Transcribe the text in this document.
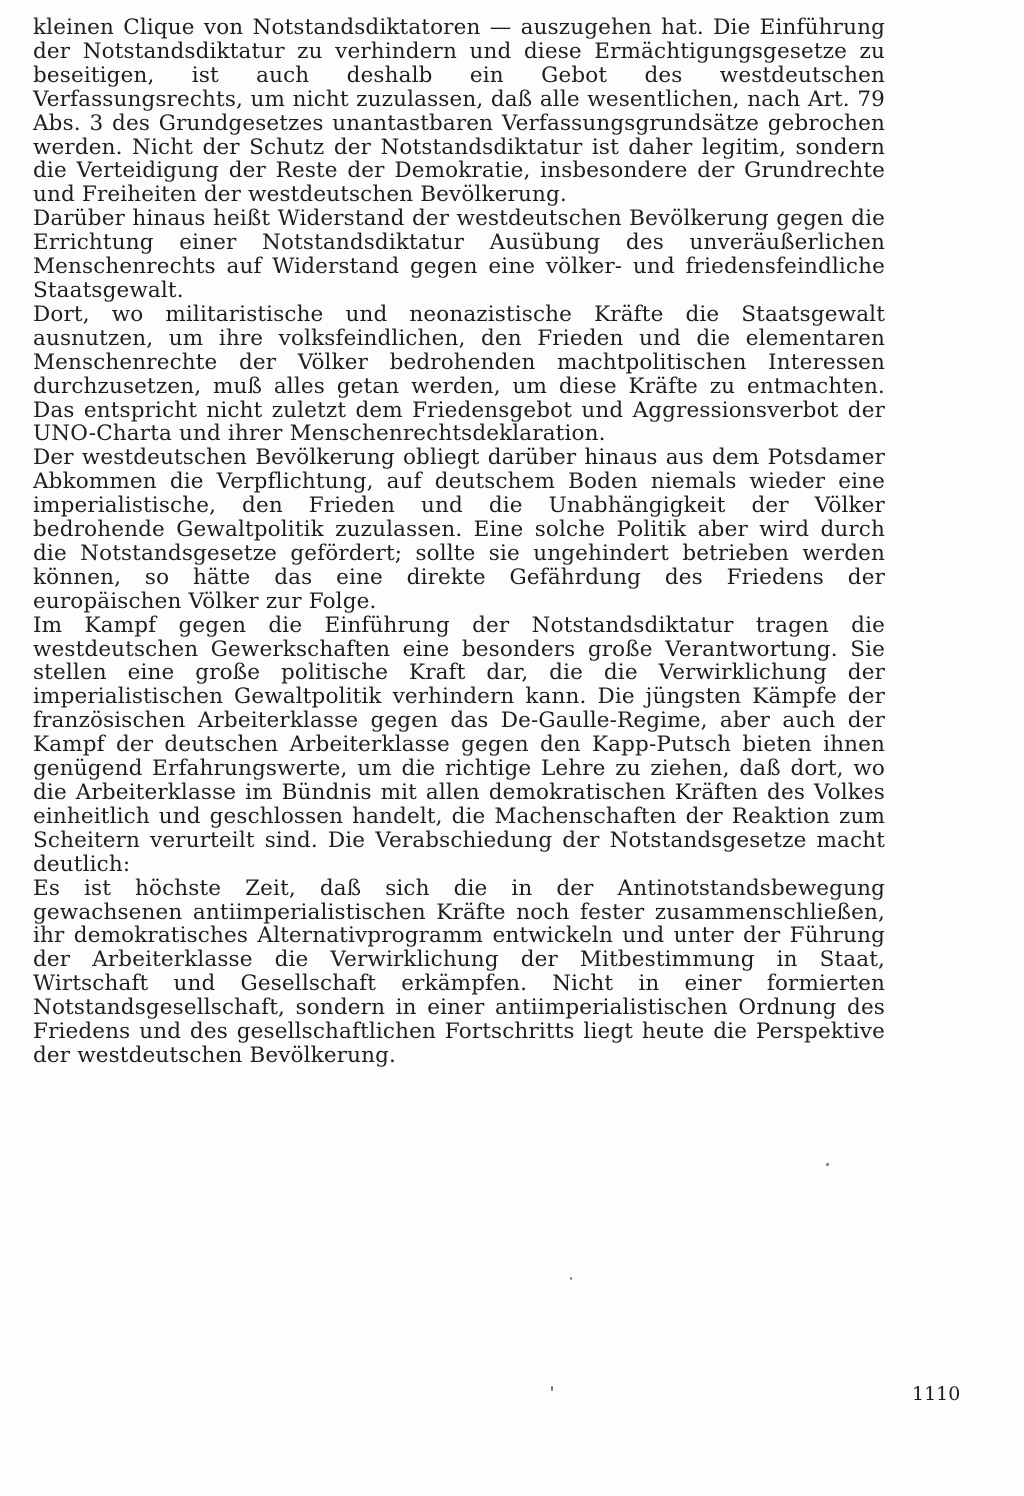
kleinen Clique von Notstandsdiktatoren — auszugehen hat. Die Einführung der Notstandsdiktatur zu verhindern und diese Ermächtigungsgesetze zu beseitigen, ist auch deshalb ein Gebot des westdeutschen Verfassungsrechts, um nicht zuzulassen, daß alle wesentlichen, nach Art. 79 Abs. 3 des Grundgesetzes unantastbaren Verfassungsgrundsätze gebrochen werden. Nicht der Schutz der Notstandsdiktatur ist daher legitim, sondern die Verteidigung der Reste der Demokratie, insbesondere der Grundrechte und Freiheiten der westdeutschen Bevölkerung.

Darüber hinaus heißt Widerstand der westdeutschen Bevölkerung gegen die Errichtung einer Notstandsdiktatur Ausübung des unveräußerlichen Menschenrechts auf Widerstand gegen eine völker- und friedensfeindliche Staatsgewalt.

Dort, wo militaristische und neonazistische Kräfte die Staatsgewalt ausnutzen, um ihre volksfeindlichen, den Frieden und die elementaren Menschenrechte der Völker bedrohenden machtpolitischen Interessen durchzusetzen, muß alles getan werden, um diese Kräfte zu entmachten. Das entspricht nicht zuletzt dem Friedensgebot und Aggressionsverbot der UNO-Charta und ihrer Menschenrechtsdeklaration.

Der westdeutschen Bevölkerung obliegt darüber hinaus aus dem Potsdamer Abkommen die Verpflichtung, auf deutschem Boden niemals wieder eine imperialistische, den Frieden und die Unabhängigkeit der Völker bedrohende Gewaltpolitik zuzulassen. Eine solche Politik aber wird durch die Notstandsgesetze gefördert; sollte sie ungehindert betrieben werden können, so hätte das eine direkte Gefährdung des Friedens der europäischen Völker zur Folge.

Im Kampf gegen die Einführung der Notstandsdiktatur tragen die westdeutschen Gewerkschaften eine besonders große Verantwortung. Sie stellen eine große politische Kraft dar, die die Verwirklichung der imperialistischen Gewaltpolitik verhindern kann. Die jüngsten Kämpfe der französischen Arbeiterklasse gegen das De-Gaulle-Regime, aber auch der Kampf der deutschen Arbeiterklasse gegen den Kapp-Putsch bieten ihnen genügend Erfahrungswerte, um die richtige Lehre zu ziehen, daß dort, wo die Arbeiterklasse im Bündnis mit allen demokratischen Kräften des Volkes einheitlich und geschlossen handelt, die Machenschaften der Reaktion zum Scheitern verurteilt sind. Die Verabschiedung der Notstandsgesetze macht deutlich:

Es ist höchste Zeit, daß sich die in der Antinotstandsbewegung gewachsenen antiimperialistischen Kräfte noch fester zusammenschließen, ihr demokratisches Alternativprogramm entwickeln und unter der Führung der Arbeiterklasse die Verwirklichung der Mitbestimmung in Staat, Wirtschaft und Gesellschaft erkämpfen. Nicht in einer formierten Notstandsgesellschaft, sondern in einer antiimperialistischen Ordnung des Friedens und des gesellschaftlichen Fortschritts liegt heute die Perspektive der westdeutschen Bevölkerung.

1110
